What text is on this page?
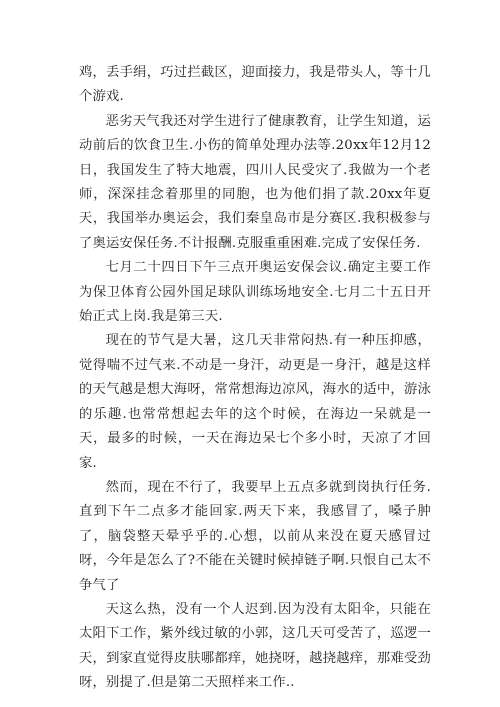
鸡，丢手绢，巧过拦截区，迎面接力，我是带头人，等十几个游戏.

恶劣天气我还对学生进行了健康教育，让学生知道，运动前后的饮食卫生.小伤的简单处理办法等.20xx年12月12日，我国发生了特大地震，四川人民受灾了.我做为一个老师，深深挂念着那里的同胞，也为他们捐了款.20xx年夏天，我国举办奥运会，我们秦皇岛市是分赛区.我积极参与了奥运安保任务.不计报酬.克服重重困难.完成了安保任务.

七月二十四日下午三点开奥运安保会议.确定主要工作为保卫体育公园外国足球队训练场地安全.七月二十五日开始正式上岗.我是第三天.

现在的节气是大暑，这几天非常闷热.有一种压抑感，觉得喘不过气来.不动是一身汗，动更是一身汗，越是这样的天气越是想大海呀，常常想海边凉风，海水的适中，游泳的乐趣.也常常想起去年的这个时候，在海边一呆就是一天，最多的时候，一天在海边呆七个多小时，天凉了才回家.

然而，现在不行了，我要早上五点多就到岗执行任务.直到下午二点多才能回家.两天下来，我感冒了，嗓子肿了，脑袋整天晕乎乎的.心想，以前从来没在夏天感冒过呀，今年是怎么了?不能在关键时候掉链子啊.只恨自己太不争气了

天这么热，没有一个人迟到.因为没有太阳伞，只能在太阳下工作，紫外线过敏的小郭，这几天可受苦了，巡逻一天，到家直觉得皮肤哪都痒，她挠呀，越挠越痒，那难受劲呀，别提了.但是第二天照样来工作..
